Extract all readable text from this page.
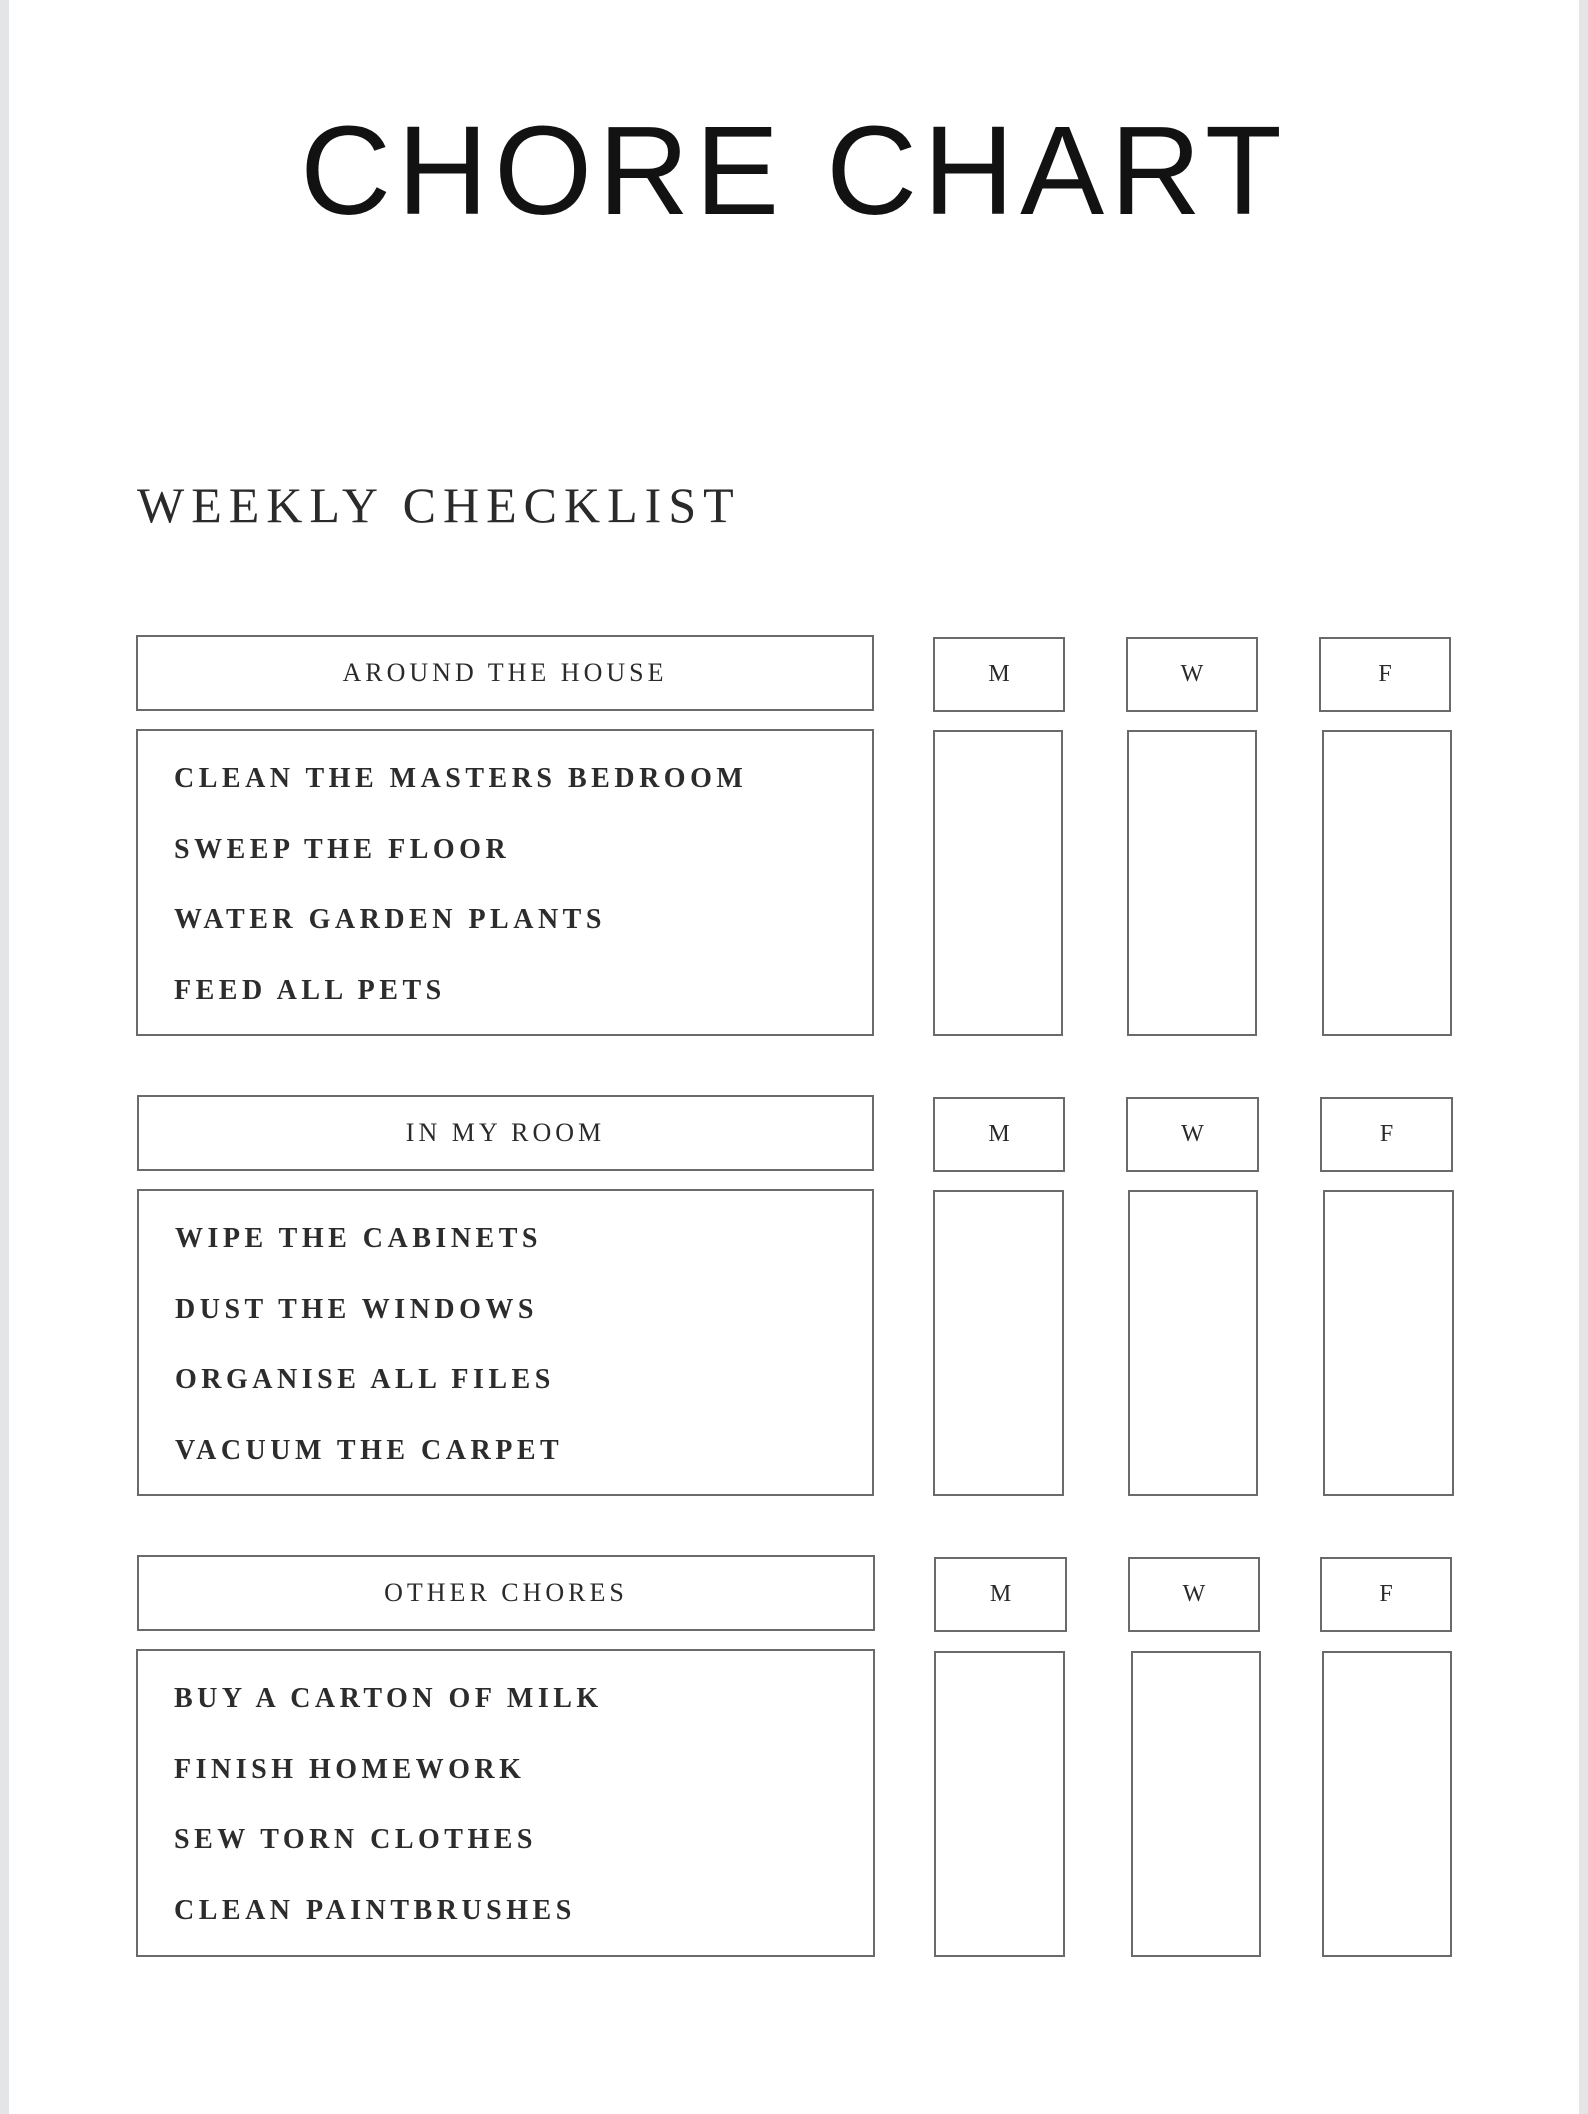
CHORE CHART
WEEKLY CHECKLIST
AROUND THE HOUSE	M	W	F
CLEAN THE MASTERS BEDROOM
SWEEP THE FLOOR
WATER GARDEN PLANTS
FEED ALL PETS
IN MY ROOM	M	W	F
WIPE THE CABINETS
DUST THE WINDOWS
ORGANISE ALL FILES
VACUUM THE CARPET
OTHER CHORES	M	W	F
BUY A CARTON OF MILK
FINISH HOMEWORK
SEW TORN CLOTHES
CLEAN PAINTBRUSHES
